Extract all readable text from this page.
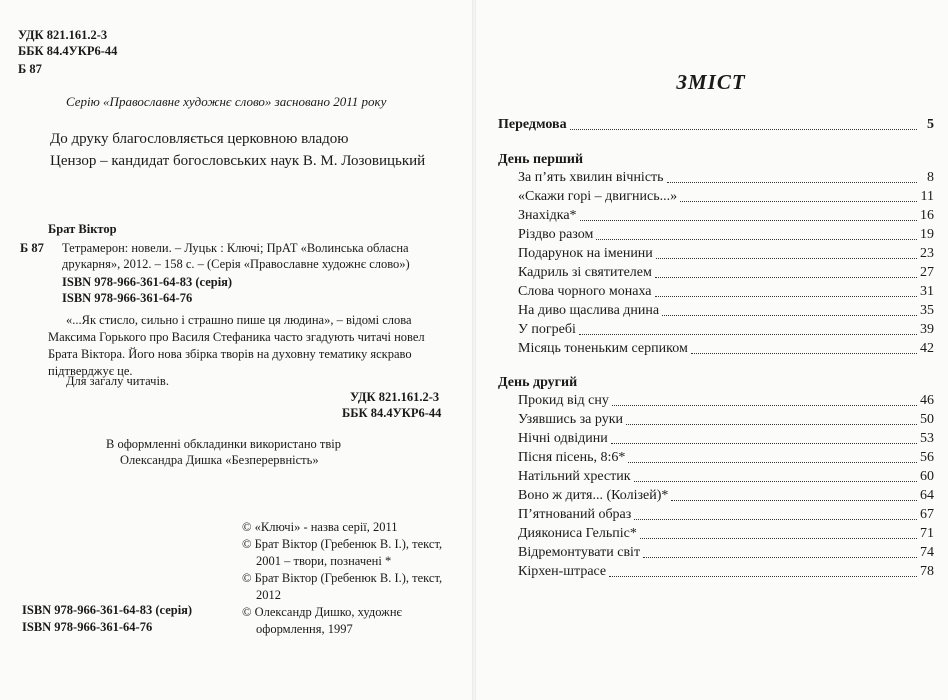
УДК 821.161.2-3
ББК 84.4УКР6-44
Б 87
Серію «Православне художнє слово» засновано 2011 року
До друку благословляється церковною владою
Цензор – кандидат богословських наук В. М. Лозовицький
Брат Віктор
Б 87 Тетрамерон: новели. – Луцьк : Ключі; ПрАТ «Волинська обласна
друкарня», 2012. – 158 с. – (Серія «Православне художнє слово»)
ISBN 978-966-361-64-83 (серія)
ISBN 978-966-361-64-76
«...Як стисло, сильно і страшно пише ця людина», – відомі слова
Максима Горького про Василя Стефаника часто згадують читачі новел
Брата Віктора. Його нова збірка творів на духовну тематику яскраво
підтверджує це.
Для загалу читачів.
УДК 821.161.2-3
ББК 84.4УКР6-44
В оформленні обкладинки використано твір
Олександра Дишка «Безперервність»
© «Ключі» - назва серії, 2011
© Брат Віктор (Гребенюк В. І.), текст,
2001 – твори, позначені *
© Брат Віктор (Гребенюк В. І.), текст,
2012
© Олександр Дишко, художнє
оформлення, 1997
ISBN 978-966-361-64-83 (серія)
ISBN 978-966-361-64-76
ЗМІСТ
Передмова	5
День перший
За п’ять хвилин вічність	8
«Скажи горі – двигнись...»	11
Знахідка*	16
Різдво разом	19
Подарунок на іменини	23
Кадриль зі святителем	27
Слова чорного монаха	31
На диво щаслива днина	35
У погребі	39
Місяць тоненьким серпиком	42
День другий
Прокид від сну	46
Узявшись за руки	50
Нічні одвідини	53
Пісня пісень, 8:6*	56
Натільний хрестик	60
Воно ж дитя... (Колізей)*	64
П’ятнований образ	67
Диякониса Гельпіс*	71
Відремонтувати світ	74
Кірхен-штрасе	78
